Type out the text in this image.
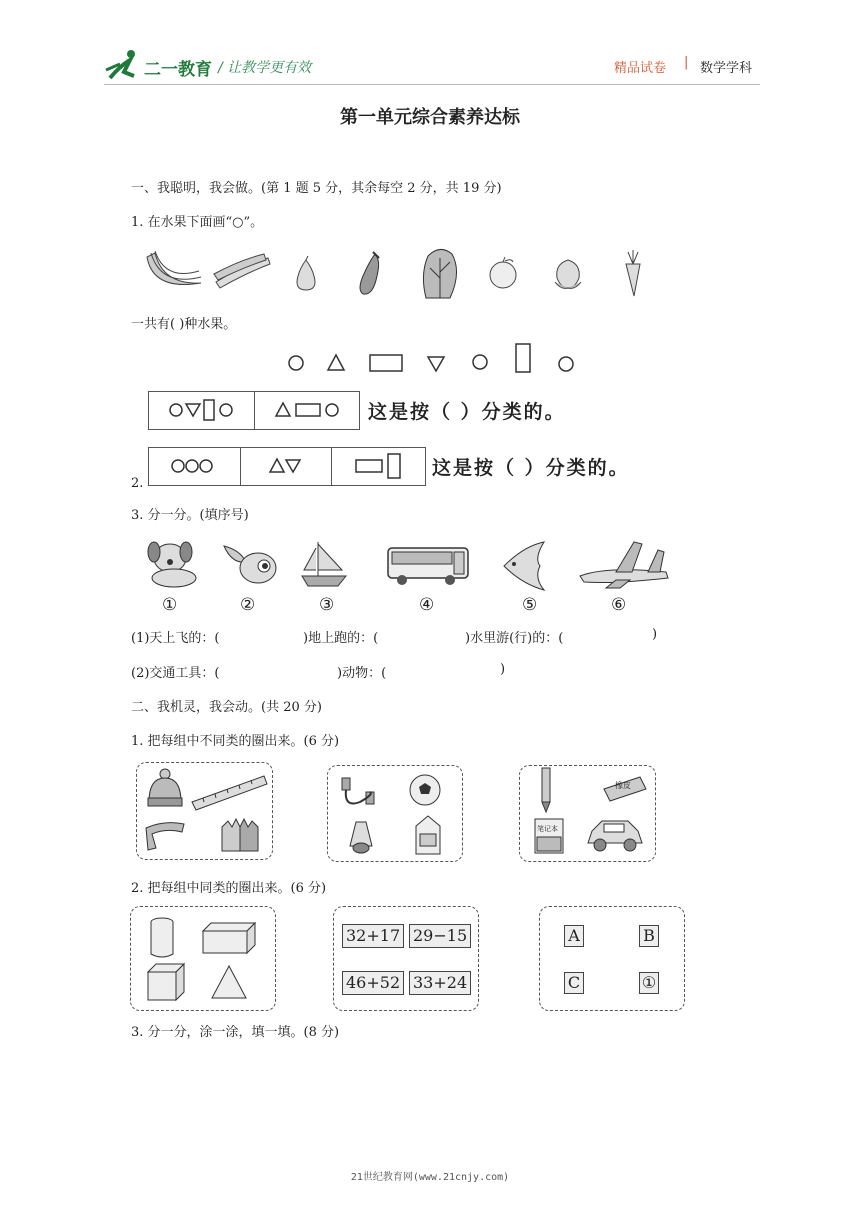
二一教育 / 让教学更有效	精品试卷 | 数学学科
第一单元综合素养达标
一、我聪明，我会做。(第 1 题 5 分，其余每空 2 分，共 19 分)
1. 在水果下面画“○”。
一共有( )种水果。
这是按（ ）分类的。
这是按（ ）分类的。
2.
3. 分一分。(填序号)
①	②	③	④	⑤	⑥
(1)天上飞的：(	)地上跑的：(	)水里游(行)的：(	)
(2)交通工具：(	)动物：(	)
二、我机灵，我会动。(共 20 分)
1. 把每组中不同类的圈出来。(6 分)
橡皮
笔记本
2. 把每组中同类的圈出来。(6 分)
32+17 29−15
46+52 33+24
A	B
C	①
3. 分一分，涂一涂，填一填。(8 分)
21世纪教育网(www.21cnjy.com)
